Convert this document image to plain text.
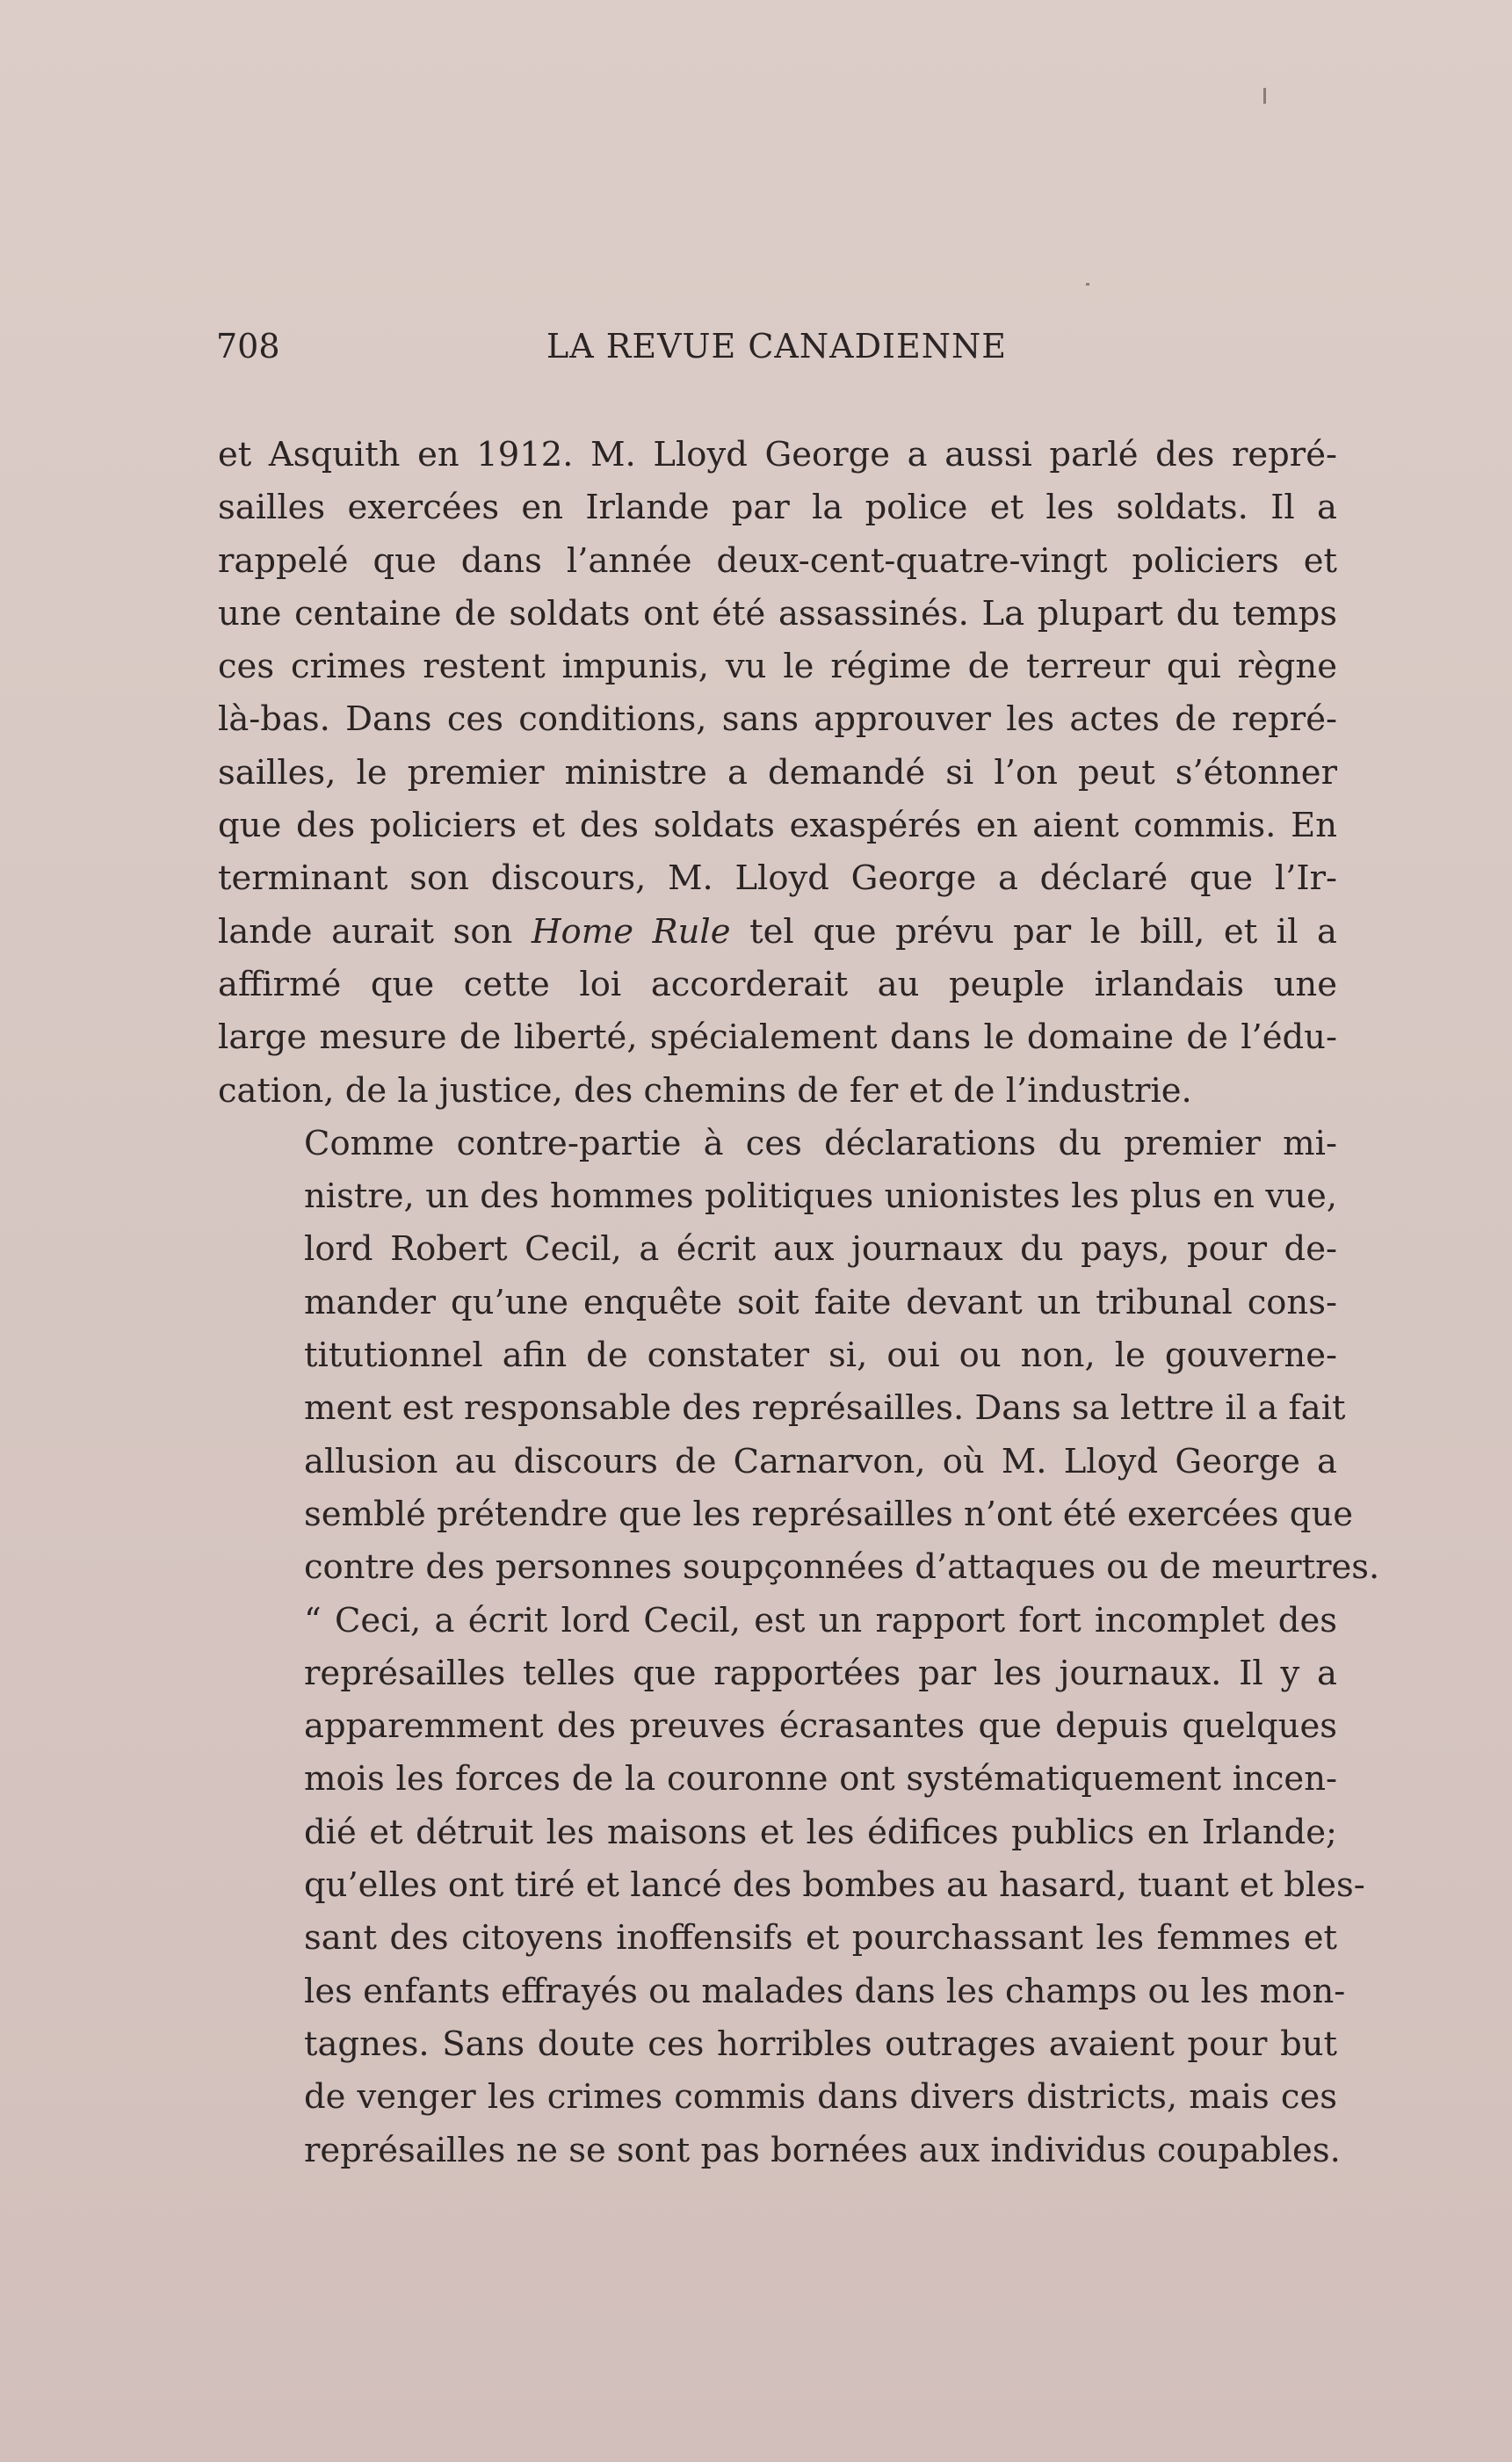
708	LA REVUE CANADIENNE

et Asquith en 1912. M. Lloyd George a aussi parlé des repré-
sailles exercées en Irlande par la police et les soldats. Il a
rappelé que dans l’année deux-cent-quatre-vingt policiers et
une centaine de soldats ont été assassinés. La plupart du temps
ces crimes restent impunis, vu le régime de terreur qui règne
là-bas. Dans ces conditions, sans approuver les actes de repré-
sailles, le premier ministre a demandé si l’on peut s’étonner
que des policiers et des soldats exaspérés en aient commis. En
terminant son discours, M. Lloyd George a déclaré que l’Ir-
lande aurait son Home Rule tel que prévu par le bill, et il a
affirmé que cette loi accorderait au peuple irlandais une
large mesure de liberté, spécialement dans le domaine de l’édu-
cation, de la justice, des chemins de fer et de l’industrie.

Comme contre-partie à ces déclarations du premier mi-
nistre, un des hommes politiques unionistes les plus en vue,
lord Robert Cecil, a écrit aux journaux du pays, pour de-
mander qu’une enquête soit faite devant un tribunal cons-
titutionnel afin de constater si, oui ou non, le gouverne-
ment est responsable des représailles. Dans sa lettre il a fait
allusion au discours de Carnarvon, où M. Lloyd George a
semblé prétendre que les représailles n’ont été exercées que
contre des personnes soupçonnées d’attaques ou de meurtres.
“ Ceci, a écrit lord Cecil, est un rapport fort incomplet des
représailles telles que rapportées par les journaux. Il y a
apparemment des preuves écrasantes que depuis quelques
mois les forces de la couronne ont systématiquement incen-
dié et détruit les maisons et les édifices publics en Irlande;
qu’elles ont tiré et lancé des bombes au hasard, tuant et bles-
sant des citoyens inoffensifs et pourchassant les femmes et
les enfants effrayés ou malades dans les champs ou les mon-
tagnes. Sans doute ces horribles outrages avaient pour but
de venger les crimes commis dans divers districts, mais ces
représailles ne se sont pas bornées aux individus coupables.
